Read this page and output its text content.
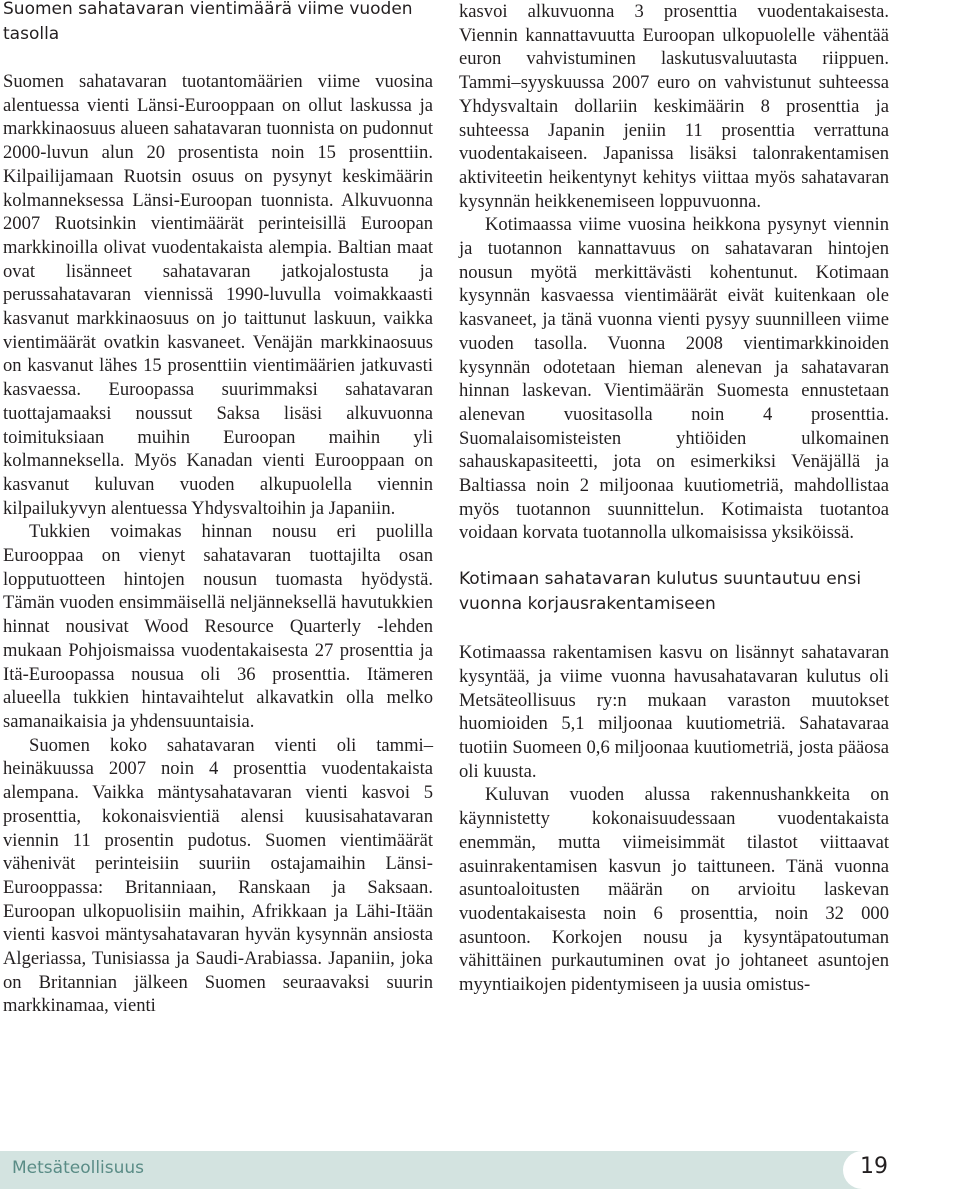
Suomen sahatavaran vientimäärä viime vuoden tasolla

Suomen sahatavaran tuotantomäärien viime vuosina alentuessa vienti Länsi-Eurooppaan on ollut laskussa ja markkinaosuus alueen sahatavaran tuonnista on pudonnut 2000-luvun alun 20 prosentista noin 15 prosenttiin. Kilpailijamaan Ruotsin osuus on pysynyt keskimäärin kolmanneksessa Länsi-Euroopan tuonnista. Alkuvuonna 2007 Ruotsinkin vientimäärät perinteisillä Euroopan markkinoilla olivat vuodentakaista alempia. Baltian maat ovat lisänneet sahatavaran jatkojalostusta ja perussahatavaran viennissä 1990-luvulla voimakkaasti kasvanut markkinaosuus on jo taittunut laskuun, vaikka vientimäärät ovatkin kasvaneet. Venäjän markkinaosuus on kasvanut lähes 15 prosenttiin vientimäärien jatkuvasti kasvaessa. Euroopassa suurimmaksi sahatavaran tuottajamaaksi noussut Saksa lisäsi alkuvuonna toimituksiaan muihin Euroopan maihin yli kolmanneksella. Myös Kanadan vienti Eurooppaan on kasvanut kuluvan vuoden alkupuolella viennin kilpailukyvyn alentuessa Yhdysvaltoihin ja Japaniin.

Tukkien voimakas hinnan nousu eri puolilla Eurooppaa on vienyt sahatavaran tuottajilta osan lopputuotteen hintojen nousun tuomasta hyödystä. Tämän vuoden ensimmäisellä neljänneksellä havutukkien hinnat nousivat Wood Resource Quarterly -lehden mukaan Pohjoismaissa vuodentakaisesta 27 prosenttia ja Itä-Euroopassa nousua oli 36 prosenttia. Itämeren alueella tukkien hintavaihtelut alkavatkin olla melko samanaikaisia ja yhdensuuntaisia.

Suomen koko sahatavaran vienti oli tammi–heinäkuussa 2007 noin 4 prosenttia vuodentakaista alempana. Vaikka mäntysahatavaran vienti kasvoi 5 prosenttia, kokonaisvientiä alensi kuusisahatavaran viennin 11 prosentin pudotus. Suomen vientimäärät vähenivät perinteisiin suuriin ostajamaihin Länsi-Eurooppassa: Britanniaan, Ranskaan ja Saksaan. Euroopan ulkopuolisiin maihin, Afrikkaan ja Lähi-Itään vienti kasvoi mäntysahatavaran hyvän kysynnän ansiosta Algeriassa, Tunisiassa ja Saudi-Arabiassa. Japaniin, joka on Britannian jälkeen Suomen seuraavaksi suurin markkinamaa, vienti

kasvoi alkuvuonna 3 prosenttia vuodentakaisesta. Viennin kannattavuutta Euroopan ulkopuolelle vähentää euron vahvistuminen laskutusvaluutasta riippuen. Tammi–syyskuussa 2007 euro on vahvistunut suhteessa Yhdysvaltain dollariin keskimäärin 8 prosenttia ja suhteessa Japanin jeniin 11 prosenttia verrattuna vuodentakaiseen. Japanissa lisäksi talonrakentamisen aktiviteetin heikentynyt kehitys viittaa myös sahatavaran kysynnän heikkenemiseen loppuvuonna.

Kotimaassa viime vuosina heikkona pysynyt viennin ja tuotannon kannattavuus on sahatavaran hintojen nousun myötä merkittävästi kohentunut. Kotimaan kysynnän kasvaessa vientimäärät eivät kuitenkaan ole kasvaneet, ja tänä vuonna vienti pysyy suunnilleen viime vuoden tasolla. Vuonna 2008 vientimarkkinoiden kysynnän odotetaan hieman alenevan ja sahatavaran hinnan laskevan. Vientimäärän Suomesta ennustetaan alenevan vuositasolla noin 4 prosenttia. Suomalaisomisteisten yhtiöiden ulkomainen sahauskapasiteetti, jota on esimerkiksi Venäjällä ja Baltiassa noin 2 miljoonaa kuutiometriä, mahdollistaa myös tuotannon suunnittelun. Kotimaista tuotantoa voidaan korvata tuotannolla ulkomaisissa yksiköissä.

Kotimaan sahatavaran kulutus suuntautuu ensi vuonna korjausrakentamiseen

Kotimaassa rakentamisen kasvu on lisännyt sahatavaran kysyntää, ja viime vuonna havusahatavaran kulutus oli Metsäteollisuus ry:n mukaan varaston muutokset huomioiden 5,1 miljoonaa kuutiometriä. Sahatavaraa tuotiin Suomeen 0,6 miljoonaa kuutiometriä, josta pääosa oli kuusta.

Kuluvan vuoden alussa rakennushankkeita on käynnistetty kokonaisuudessaan vuodentakaista enemmän, mutta viimeisimmät tilastot viittaavat asuinrakentamisen kasvun jo taittuneen. Tänä vuonna asuntoaloitusten määrän on arvioitu laskevan vuodentakaisesta noin 6 prosenttia, noin 32 000 asuntoon. Korkojen nousu ja kysyntäpatoutuman vähittäinen purkautuminen ovat jo johtaneet asuntojen myyntiaikojen pidentymiseen ja uusia omistus-

Metsäteollisuus	19
